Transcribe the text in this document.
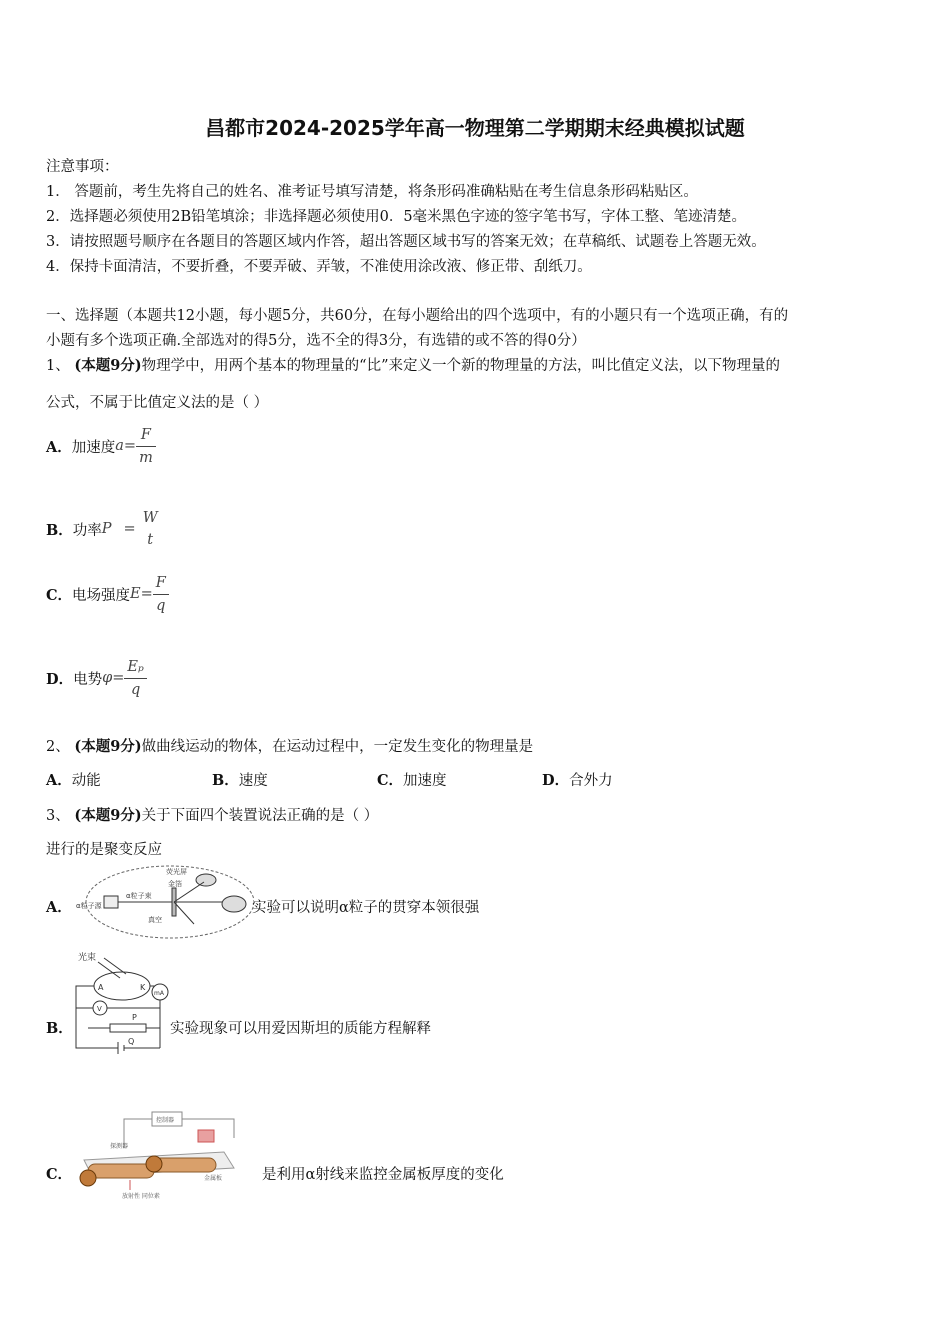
昌都市2024-2025学年高一物理第二学期期末经典模拟试题
注意事项：
1． 答题前，考生先将自己的姓名、准考证号填写清楚，将条形码准确粘贴在考生信息条形码粘贴区。
2．选择题必须使用2B铅笔填涂；非选择题必须使用0．5毫米黑色字迹的签字笔书写，字体工整、笔迹清楚。
3．请按照题号顺序在各题目的答题区域内作答，超出答题区域书写的答案无效；在草稿纸、试题卷上答题无效。
4．保持卡面清洁，不要折叠，不要弄破、弄皱，不准使用涂改液、修正带、刮纸刀。
一、选择题（本题共12小题，每小题5分，共60分，在每小题给出的四个选项中，有的小题只有一个选项正确，有的
小题有多个选项正确.全部选对的得5分，选不全的得3分，有选错的或不答的得0分）
1、 (本题9分)物理学中，用两个基本的物理量的“比”来定义一个新的物理量的方法，叫比值定义法，以下物理量的
公式，不属于比值定义法的是（ ）
A． 加速度 $a = \frac{F}{m}$
B． 功率 P =
W
t
C． 电场强度 $E = \frac{F}{q}$
D． 电势 $\varphi = \frac{\text{Eₚ}}{q}$
2、 (本题9分)做曲线运动的物体，在运动过程中，一定发生变化的物理量是
A．动能	B．速度	C．加速度	D．合外力
3、 (本题9分)关于下面四个装置说法正确的是（ ）
进行的是聚变反应
A． α粒子源
α粒子束
荧光屏
金箔
真空
实验可以说明α粒子的贯穿本领很强
B．
光束
A	K
mA
V
P
Q
实验现象可以用爱因斯坦的质能方程解释
C．
控制器
探测器
放射性 同位素
金属板	是利用α射线来监控金属板厚度的变化
